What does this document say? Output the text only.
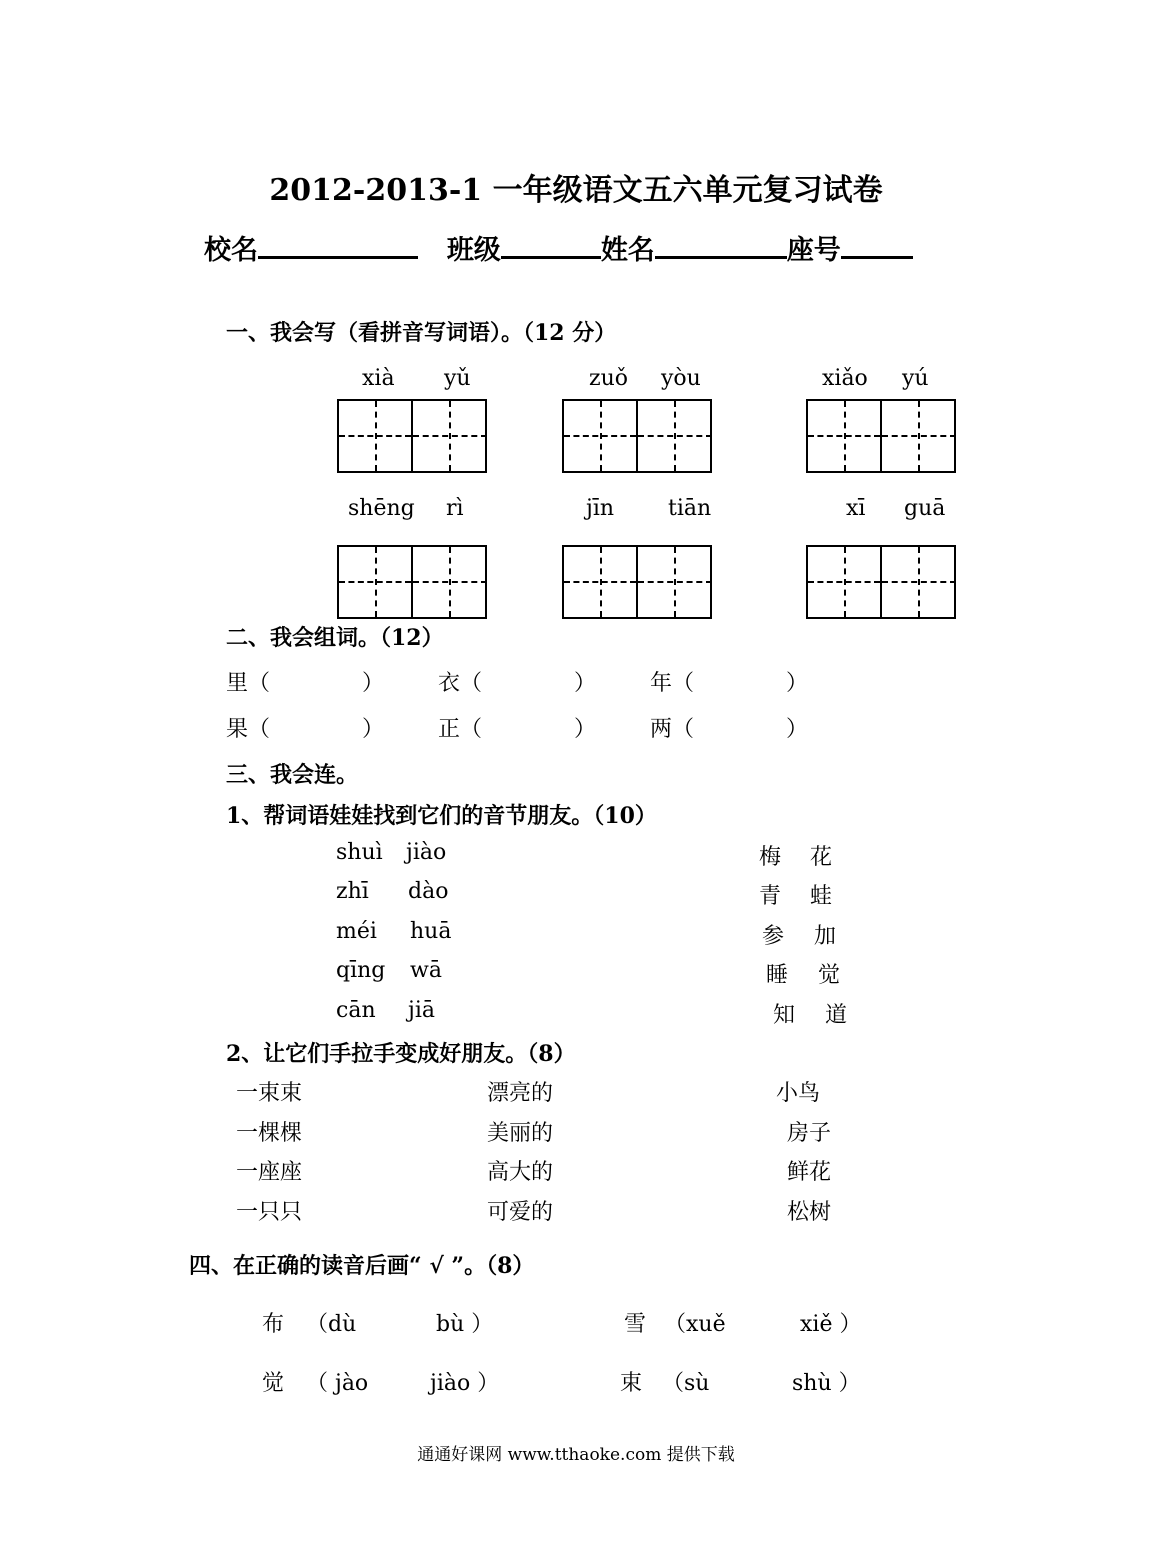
2012-2013-1 一年级语文五六单元复习试卷
校名	班级	姓名	座号
一、我会写（看拼音写词语）。（12 分）
xià yǔ	zuǒ yòu	xiǎo yú
shēng rì	jīn tiān	xī guā
二、我会组词。（12）
里（	） 衣（	） 年（	）
果（	） 正（	） 两（	）
三、我会连。
1、帮词语娃娃找到它们的音节朋友。（10）
shuì jiào
zhī dào
méi huā
qīng wā
cān jiā
梅 花
青 蛙
参 加
睡 觉
知 道
2、让它们手拉手变成好朋友。（8）
一束束
一棵棵
一座座
一只只
漂亮的
美丽的
高大的
可爱的
小鸟
房子
鲜花
松树
四、在正确的读音后画“ √ ”。（8）
布 （dù	bù ）	雪 （xuě	xiě ）
觉 （ jào	jiào ）	束 （sù	shù ）
通通好课网 www.tthaoke.com 提供下载
